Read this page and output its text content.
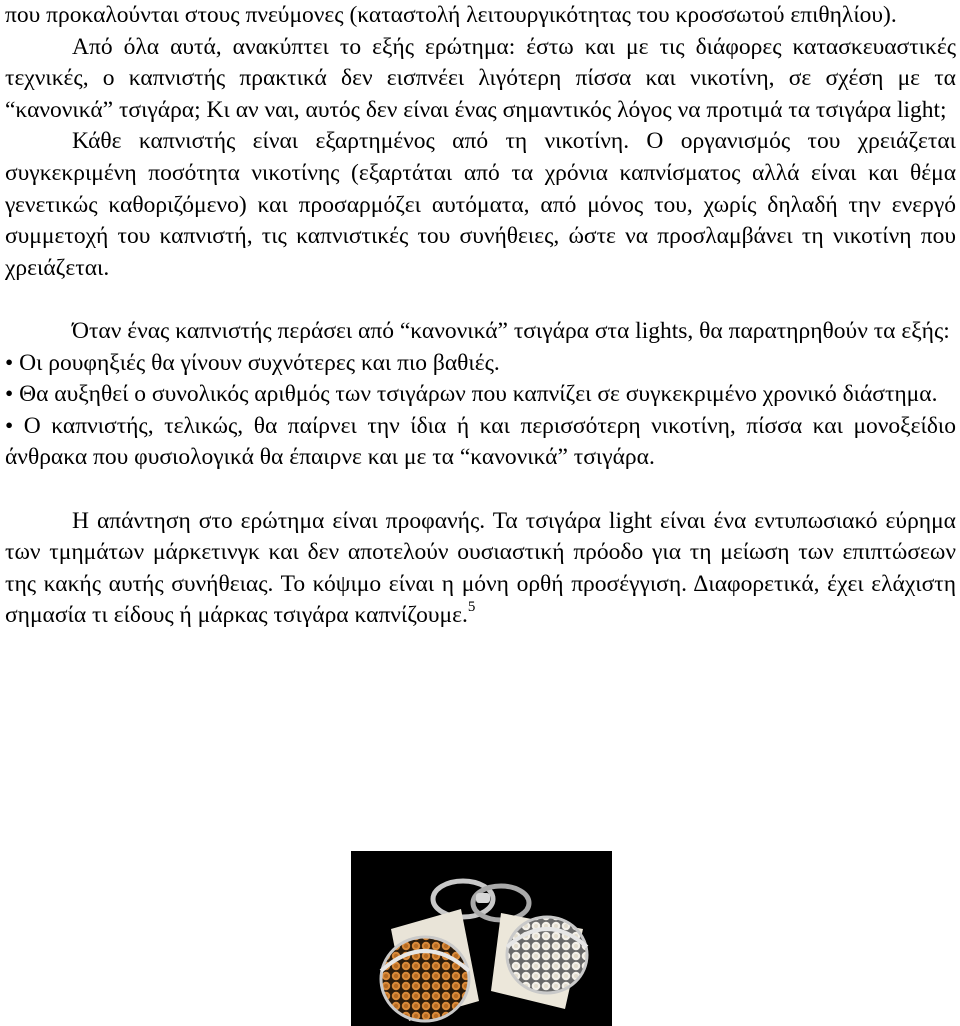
που προκαλούνται στους πνεύμονες (καταστολή λειτουργικότητας του κροσσωτού επιθηλίου).

Από όλα αυτά, ανακύπτει το εξής ερώτημα: έστω και με τις διάφορες κατασκευαστικές τεχνικές, ο καπνιστής πρακτικά δεν εισπνέει λιγότερη πίσσα και νικοτίνη, σε σχέση με τα “κανονικά” τσιγάρα; Κι αν ναι, αυτός δεν είναι ένας σημαντικός λόγος να προτιμά τα τσιγάρα light;

Κάθε καπνιστής είναι εξαρτημένος από τη νικοτίνη. Ο οργανισμός του χρειάζεται συγκεκριμένη ποσότητα νικοτίνης (εξαρτάται από τα χρόνια καπνίσματος αλλά είναι και θέμα γενετικώς καθοριζόμενο) και προσαρμόζει αυτόματα, από μόνος του, χωρίς δηλαδή την ενεργό συμμετοχή του καπνιστή, τις καπνιστικές του συνήθειες, ώστε να προσλαμβάνει τη νικοτίνη που χρειάζεται.

Όταν ένας καπνιστής περάσει από “κανονικά” τσιγάρα στα lights, θα παρατηρηθούν τα εξής:

• Οι ρουφηξιές θα γίνουν συχνότερες και πιο βαθιές.

• Θα αυξηθεί ο συνολικός αριθμός των τσιγάρων που καπνίζει σε συγκεκριμένο χρονικό διάστημα.

• Ο καπνιστής, τελικώς, θα παίρνει την ίδια ή και περισσότερη νικοτίνη, πίσσα και μονοξείδιο άνθρακα που φυσιολογικά θα έπαιρνε και με τα “κανονικά” τσιγάρα.

Η απάντηση στο ερώτημα είναι προφανής. Τα τσιγάρα light είναι ένα εντυπωσιακό εύρημα των τμημάτων μάρκετινγκ και δεν αποτελούν ουσιαστική πρόοδο για τη μείωση των επιπτώσεων της κακής αυτής συνήθειας. Το κόψιμο είναι η μόνη ορθή προσέγγιση. Διαφορετικά, έχει ελάχιστη σημασία τι είδους ή μάρκας τσιγάρα καπνίζουμε.$^5$
